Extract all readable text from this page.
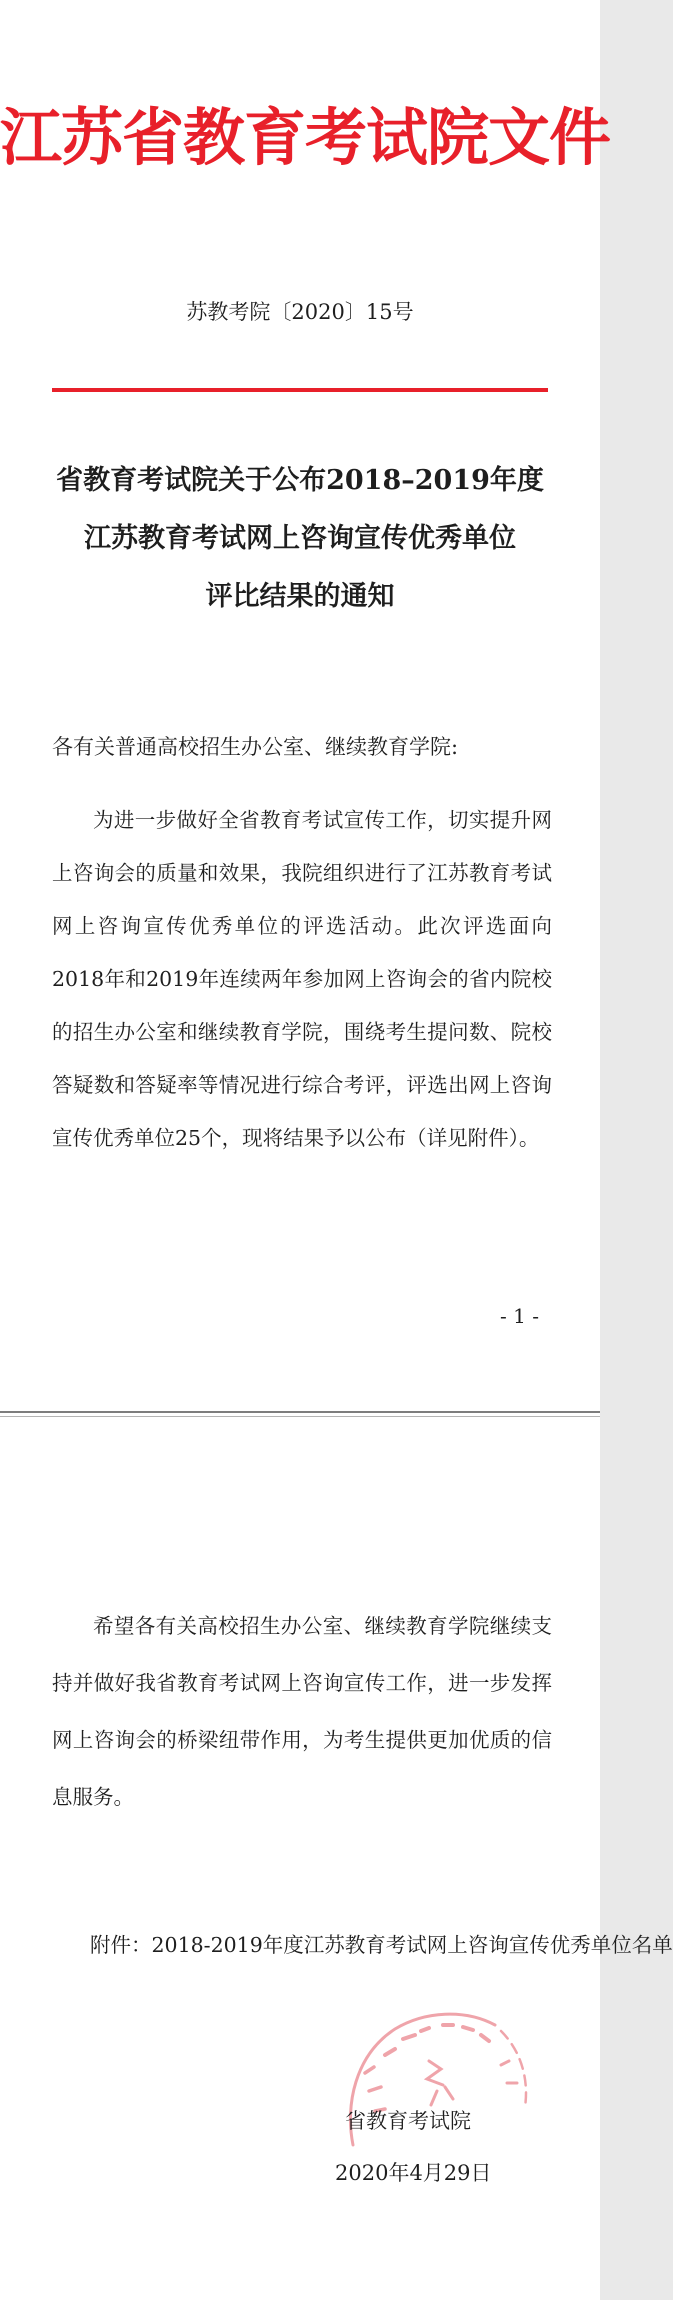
江苏省教育考试院文件
苏教考院〔2020〕15号
省教育考试院关于公布2018–2019年度
江苏教育考试网上咨询宣传优秀单位
评比结果的通知
各有关普通高校招生办公室、继续教育学院:
为进一步做好全省教育考试宣传工作，切实提升网上咨询会的质量和效果，我院组织进行了江苏教育考试网上咨询宣传优秀单位的评选活动。此次评选面向2018年和2019年连续两年参加网上咨询会的省内院校的招生办公室和继续教育学院，围绕考生提问数、院校答疑数和答疑率等情况进行综合考评，评选出网上咨询宣传优秀单位25个，现将结果予以公布（详见附件）。
- 1 -
希望各有关高校招生办公室、继续教育学院继续支持并做好我省教育考试网上咨询宣传工作，进一步发挥网上咨询会的桥梁纽带作用，为考生提供更加优质的信息服务。
附件：2018-2019年度江苏教育考试网上咨询宣传优秀单位名单
省教育考试院
2020年4月29日
